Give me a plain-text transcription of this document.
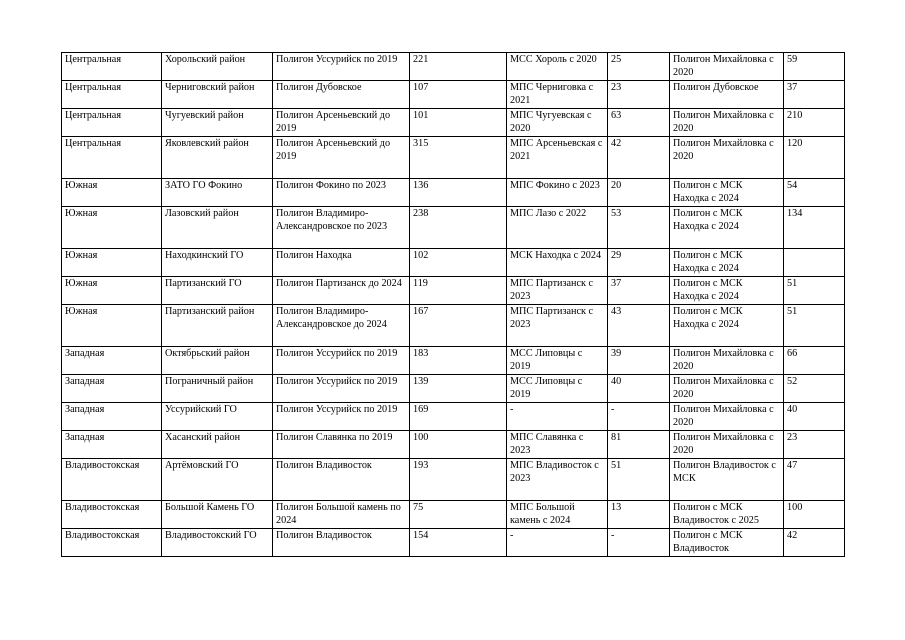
Центральная	Хорольский район	Полигон Уссурийск по 2019	221	МСС Хороль с 2020	25	Полигон Михайловка с 2020	59
Центральная	Черниговский район	Полигон Дубовское	107	МПС Черниговка с 2021	23	Полигон Дубовское	37
Центральная	Чугуевский район	Полигон Арсеньевский до 2019	101	МПС Чугуевская с 2020	63	Полигон Михайловка с 2020	210
Центральная	Яковлевский район	Полигон Арсеньевский до 2019	315	МПС Арсеньевская с 2021	42	Полигон Михайловка с 2020	120
Южная	ЗАТО ГО Фокино	Полигон Фокино по 2023	136	МПС Фокино с 2023	20	Полигон с МСК Находка с 2024	54
Южная	Лазовский район	Полигон Владимиро-Александровское по 2023	238	МПС Лазо с 2022	53	Полигон с МСК Находка с 2024	134
Южная	Находкинский ГО	Полигон Находка	102	МСК Находка с 2024	29	Полигон с МСК Находка с 2024	
Южная	Партизанский ГО	Полигон Партизанск до 2024	119	МПС Партизанск с 2023	37	Полигон с МСК Находка с 2024	51
Южная	Партизанский район	Полигон Владимиро-Александровское до 2024	167	МПС Партизанск с 2023	43	Полигон с МСК Находка с 2024	51
Западная	Октябрьский район	Полигон Уссурийск по 2019	183	МСС Липовцы с 2019	39	Полигон Михайловка с 2020	66
Западная	Пограничный район	Полигон Уссурийск по 2019	139	МСС Липовцы с 2019	40	Полигон Михайловка с 2020	52
Западная	Уссурийский ГО	Полигон Уссурийск по 2019	169	-	-	Полигон Михайловка с 2020	40
Западная	Хасанский район	Полигон Славянка по 2019	100	МПС Славянка с 2023	81	Полигон Михайловка с 2020	23
Владивостокская	Артёмовский ГО	Полигон Владивосток	193	МПС Владивосток с 2023	51	Полигон Владивосток с МСК	47
Владивостокская	Большой Камень ГО	Полигон Большой камень по 2024	75	МПС Большой камень с 2024	13	Полигон с МСК Владивосток с 2025	100
Владивостокская	Владивостокский ГО	Полигон Владивосток	154	-	-	Полигон с МСК Владивосток	42
